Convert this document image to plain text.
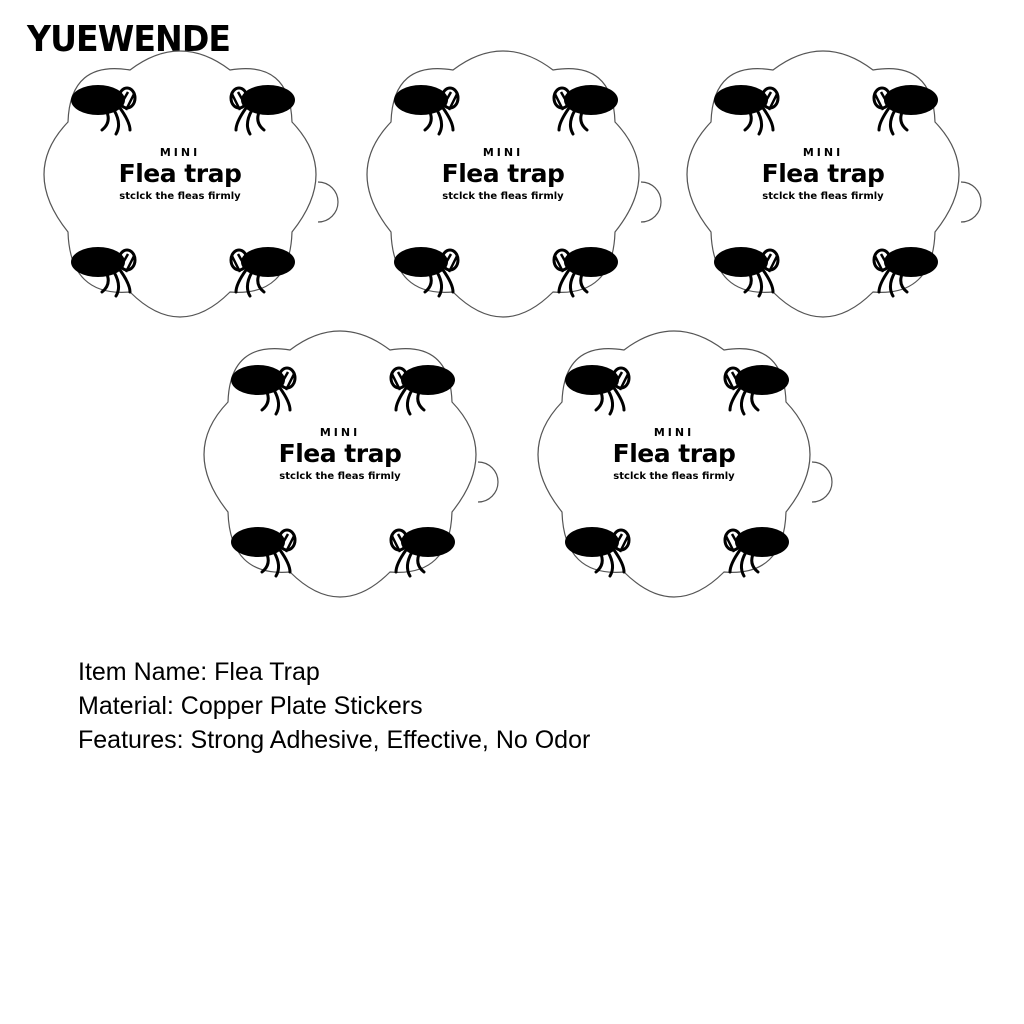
YUEWENDE
MINI
Flea trap
stclck the fleas firmly
MINI
Flea trap
stclck the fleas firmly
MINI
Flea trap
stclck the fleas firmly
MINI
Flea trap
stclck the fleas firmly
MINI
Flea trap
stclck the fleas firmly
Item Name: Flea Trap
Material: Copper Plate Stickers
Features: Strong Adhesive, Effective, No Odor
